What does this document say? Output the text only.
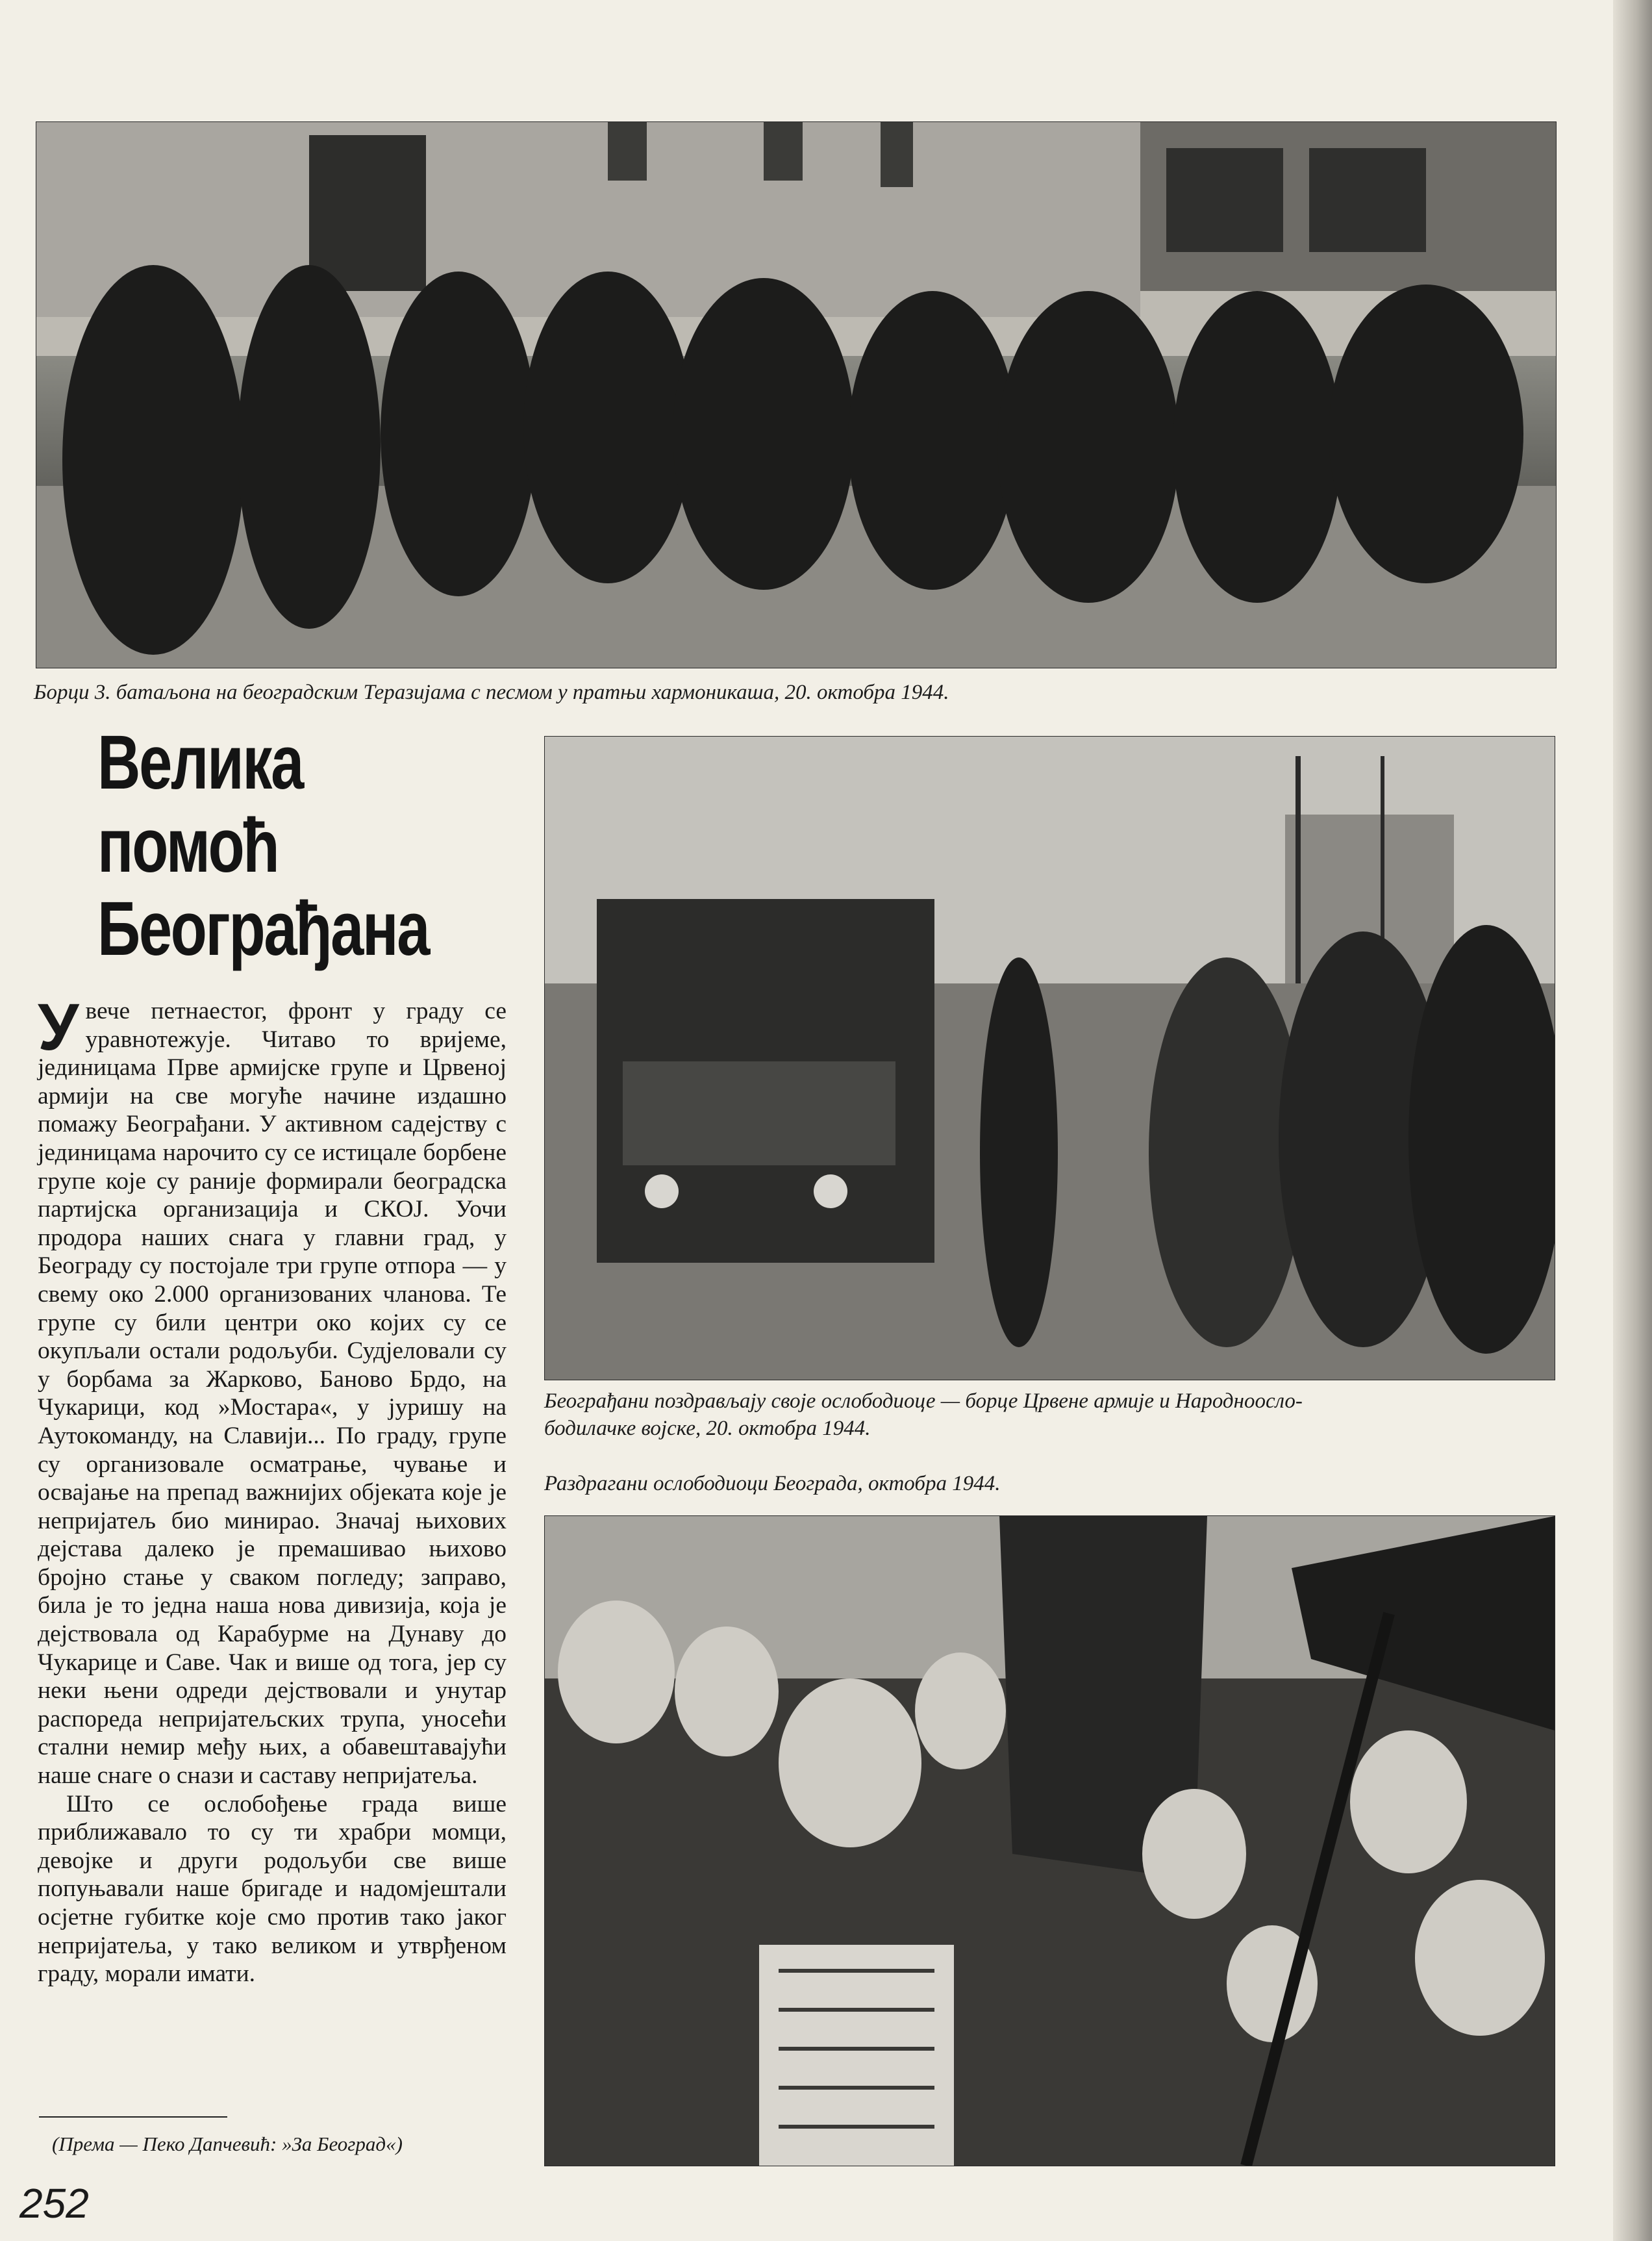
Борци 3. батаљона на београдским Теразијама с песмом у пратњи хармоникаша, 20. октобра 1944.
Београђани поздрављају своје ослободиоце — борце Црвене армије и Народноосло-
бодилачке војске, 20. октобра 1944.
Раздрагани ослободиоци Београда, октобра 1944.
Велика
помоћ
Београђана

Увече петнаестог, фронт у граду се уравнотежује. Читаво то вријеме, јединицама Прве армијске групе и Црвеној армији на све могуће начине издашно помажу Београђани. У активном садејству с јединицама нарочито су се истицале борбене групе које су раније формирали београдска партијска организација и СКОЈ. Уочи продора наших снага у главни град, у Београду су постојале три групе отпора — у свему око 2.000 организованих чланова. Те групе су били центри око којих су се окупљали остали родољуби. Судјеловали су у борбама за Жарково, Баново Брдо, на Чукарици, код »Мостара«, у јуришу на Аутокоманду, на Славији... По граду, групе су организовале осматрање, чување и освајање на препад важнијих објеката које је непријатељ био минирао. Значај њихових дејстава далеко је премашивао њихово бројно стање у сваком погледу; заправо, била је то једна наша нова дивизија, која је дејствовала од Карабурме на Дунаву до Чукарице и Саве. Чак и више од тога, јер су неки њени одреди дејствовали и унутар распореда непријатељских трупа, уносећи стални немир међу њих, а обавештавајући наше снаге о снази и саставу непријатеља.

Што се ослобођење града више приближавало то су ти храбри момци, девојке и други родољуби све више попуњавали наше бригаде и надомјештали осјетне губитке које смо против тако јаког непријатеља, у тако великом и утврђеном граду, морали имати.

(Према — Пеко Дапчевић: »За Београд«)
252
